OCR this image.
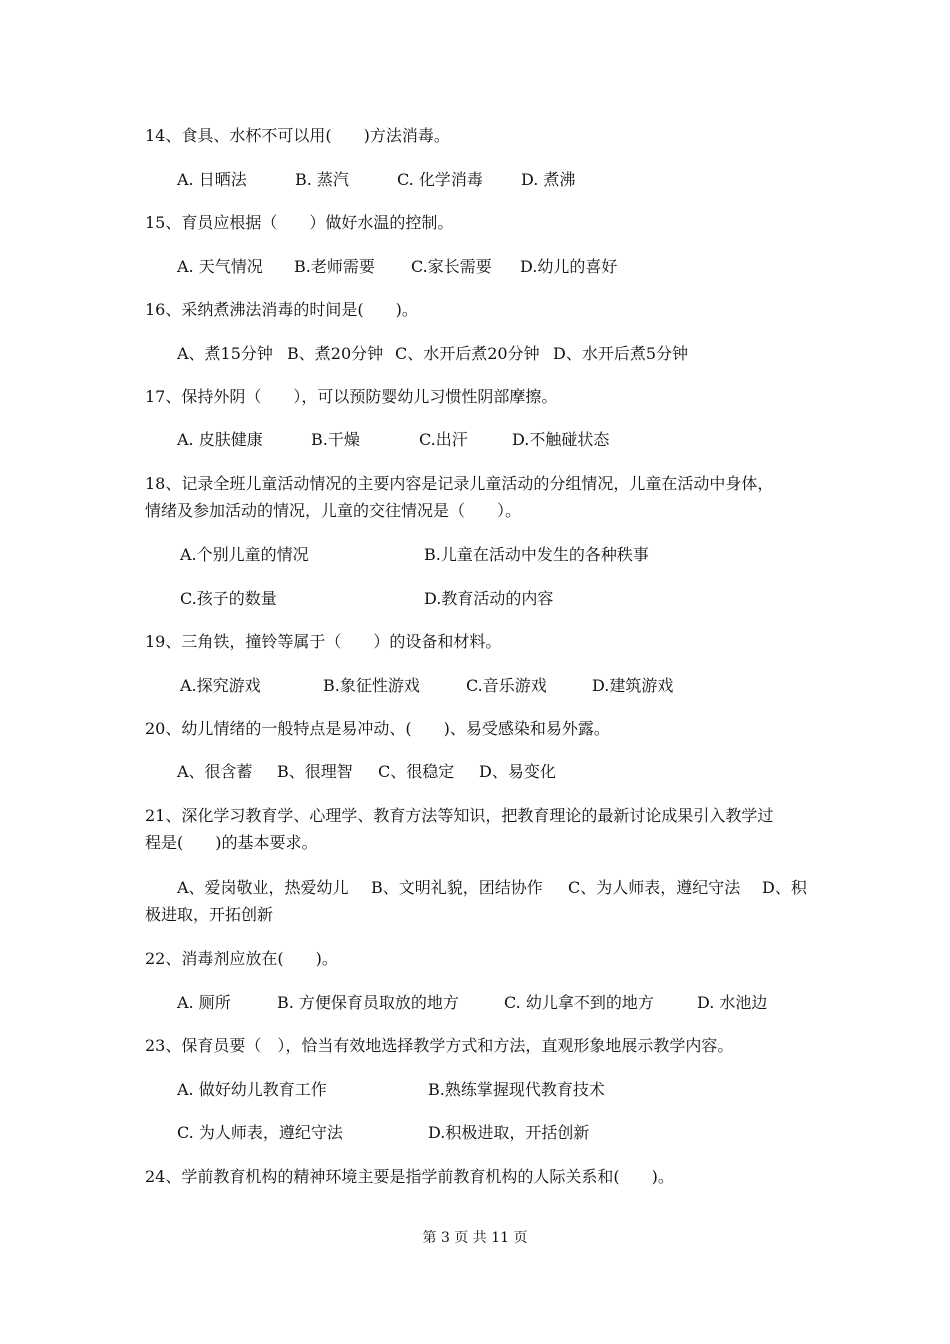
14、食具、水杯不可以用(　　)方法消毒。
A. 日晒法	B. 蒸汽	C. 化学消毒 D. 煮沸
15、育员应根据（　　）做好水温的控制。
A. 天气情况 B.老师需要 C.家长需要 D.幼儿的喜好
16、采纳煮沸法消毒的时间是(　　)。
A、煮15分钟 B、煮20分钟 C、水开后煮20分钟 D、水开后煮5分钟
17、保持外阴（　　），可以预防婴幼儿习惯性阴部摩擦。
A. 皮肤健康	B.干燥	C.出汗	D.不触碰状态
18、记录全班儿童活动情况的主要内容是记录儿童活动的分组情况，儿童在活动中身体，
情绪及参加活动的情况，儿童的交往情况是（　　）。
A.个别儿童的情况	B.儿童在活动中发生的各种秩事
C.孩子的数量	D.教育活动的内容
19、三角铁，撞铃等属于（　　）的设备和材料。
A.探究游戏	B.象征性游戏	C.音乐游戏	D.建筑游戏
20、幼儿情绪的一般特点是易冲动、(　　)、易受感染和易外露。
A、很含蓄 B、很理智 C、很稳定 D、易变化
21、深化学习教育学、心理学、教育方法等知识，把教育理论的最新讨论成果引入教学过
程是(　　)的基本要求。
A、爱岗敬业，热爱幼儿 B、文明礼貌，团结协作 C、为人师表，遵纪守法 D、积
极进取，开拓创新
22、消毒剂应放在(　　)。
A. 厕所	B. 方便保育员取放的地方	C. 幼儿拿不到的地方	D. 水池边
23、保育员要（　），恰当有效地选择教学方式和方法，直观形象地展示教学内容。
A. 做好幼儿教育工作	B.熟练掌握现代教育技术
C. 为人师表，遵纪守法	D.积极进取，开括创新
24、学前教育机构的精神环境主要是指学前教育机构的人际关系和(　　)。
第 3 页 共 11 页
